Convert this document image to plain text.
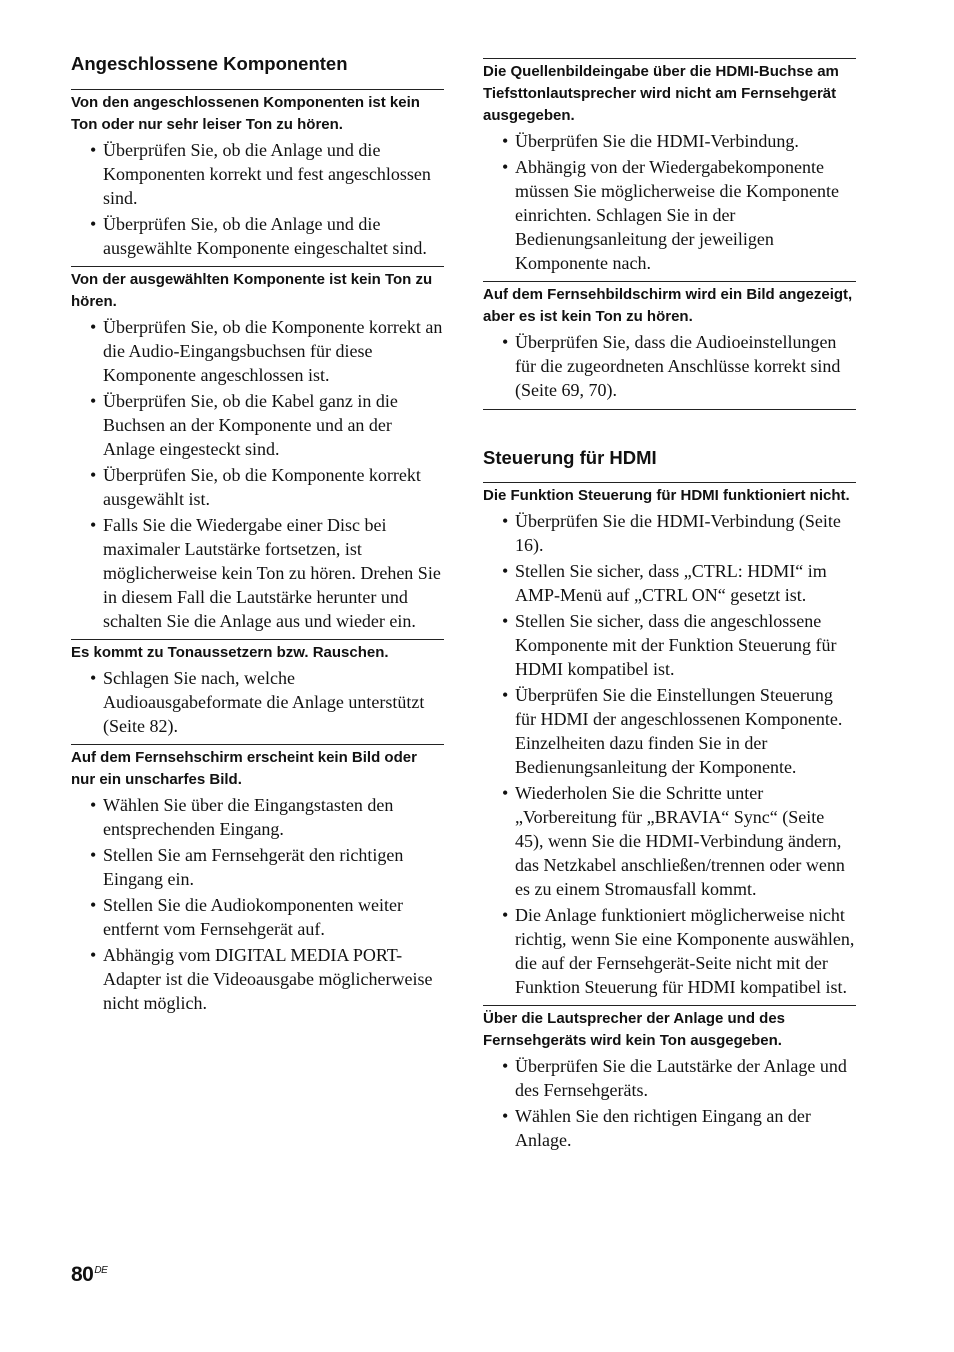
Angeschlossene Komponenten

Von den angeschlossenen Komponenten ist kein Ton oder nur sehr leiser Ton zu hören.

• Überprüfen Sie, ob die Anlage und die Komponenten korrekt und fest angeschlossen sind.
• Überprüfen Sie, ob die Anlage und die ausgewählte Komponente eingeschaltet sind.

Von der ausgewählten Komponente ist kein Ton zu hören.

• Überprüfen Sie, ob die Komponente korrekt an die Audio-Eingangsbuchsen für diese Komponente angeschlossen ist.
• Überprüfen Sie, ob die Kabel ganz in die Buchsen an der Komponente und an der Anlage eingesteckt sind.
• Überprüfen Sie, ob die Komponente korrekt ausgewählt ist.
• Falls Sie die Wiedergabe einer Disc bei maximaler Lautstärke fortsetzen, ist möglicherweise kein Ton zu hören. Drehen Sie in diesem Fall die Lautstärke herunter und schalten Sie die Anlage aus und wieder ein.

Es kommt zu Tonaussetzern bzw. Rauschen.

• Schlagen Sie nach, welche Audioausgabeformate die Anlage unterstützt (Seite 82).

Auf dem Fernsehschirm erscheint kein Bild oder nur ein unscharfes Bild.

• Wählen Sie über die Eingangstasten den entsprechenden Eingang.
• Stellen Sie am Fernsehgerät den richtigen Eingang ein.
• Stellen Sie die Audiokomponenten weiter entfernt vom Fernsehgerät auf.
• Abhängig vom DIGITAL MEDIA PORT-Adapter ist die Videoausgabe möglicherweise nicht möglich.

Die Quellenbildeingabe über die HDMI-Buchse am Tiefsttonlautsprecher wird nicht am Fernsehgerät ausgegeben.

• Überprüfen Sie die HDMI-Verbindung.
• Abhängig von der Wiedergabekomponente müssen Sie möglicherweise die Komponente einrichten. Schlagen Sie in der Bedienungsanleitung der jeweiligen Komponente nach.

Auf dem Fernsehbildschirm wird ein Bild angezeigt, aber es ist kein Ton zu hören.

• Überprüfen Sie, dass die Audioeinstellungen für die zugeordneten Anschlüsse korrekt sind (Seite 69, 70).
Steuerung für HDMI

Die Funktion Steuerung für HDMI funktioniert nicht.

• Überprüfen Sie die HDMI-Verbindung (Seite 16).
• Stellen Sie sicher, dass „CTRL: HDMI“ im AMP-Menü auf „CTRL ON“ gesetzt ist.
• Stellen Sie sicher, dass die angeschlossene Komponente mit der Funktion Steuerung für HDMI kompatibel ist.
• Überprüfen Sie die Einstellungen Steuerung für HDMI der angeschlossenen Komponente. Einzelheiten dazu finden Sie in der Bedienungsanleitung der Komponente.
• Wiederholen Sie die Schritte unter „Vorbereitung für „BRAVIA“ Sync“ (Seite 45), wenn Sie die HDMI-Verbindung ändern, das Netzkabel anschließen/trennen oder wenn es zu einem Stromausfall kommt.
• Die Anlage funktioniert möglicherweise nicht richtig, wenn Sie eine Komponente auswählen, die auf der Fernsehgerät-Seite nicht mit der Funktion Steuerung für HDMI kompatibel ist.

Über die Lautsprecher der Anlage und des Fernsehgeräts wird kein Ton ausgegeben.

• Überprüfen Sie die Lautstärke der Anlage und des Fernsehgeräts.
• Wählen Sie den richtigen Eingang an der Anlage.
80DE
